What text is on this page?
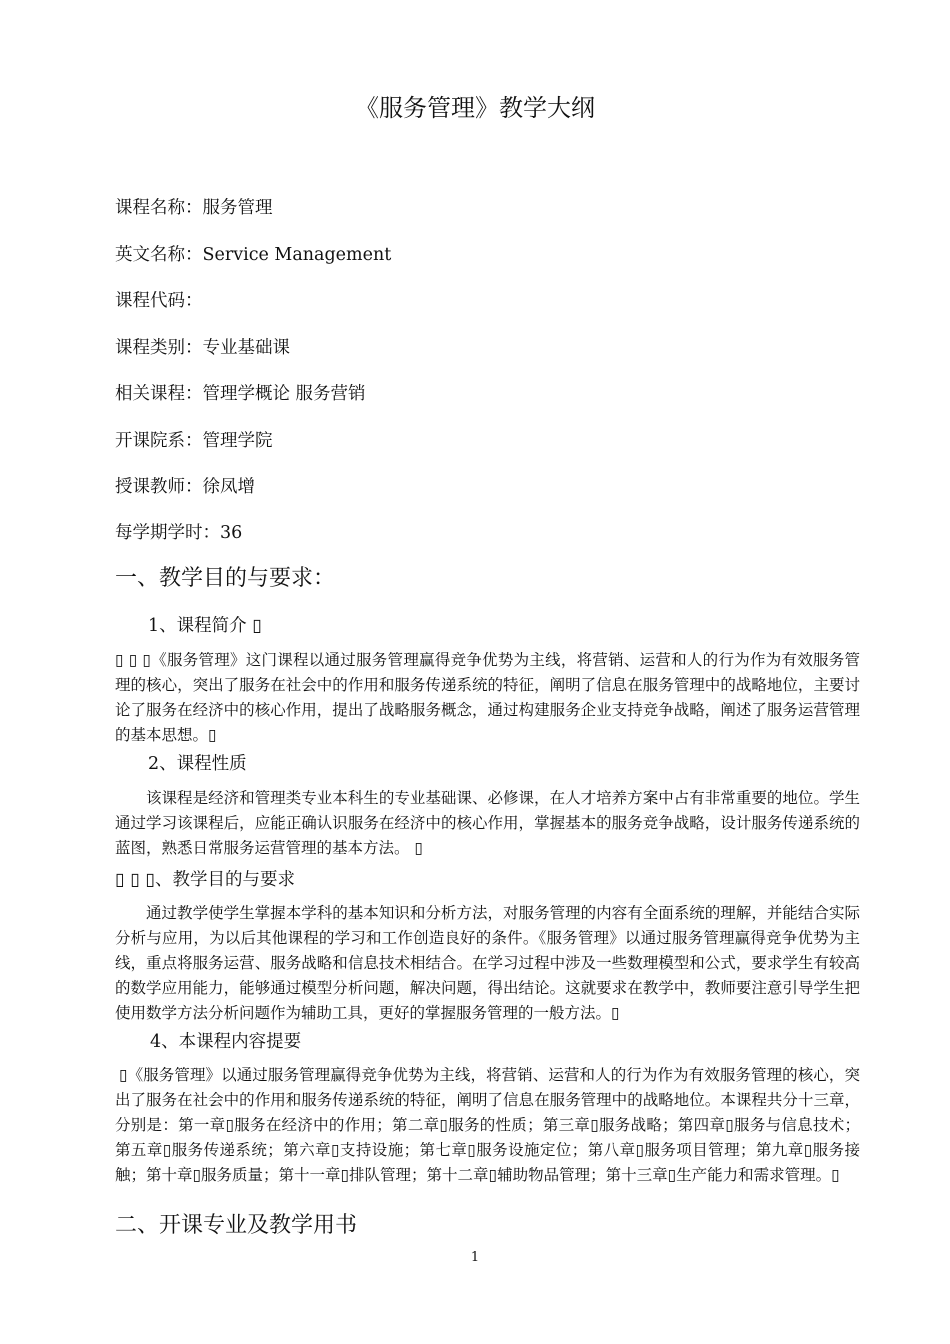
《服务管理》教学大纲
课程名称：服务管理
英文名称：Service Management
课程代码：
课程类别：专业基础课
相关课程：管理学概论 服务营销
开课院系：管理学院
授课教师：徐凤增
每学期学时：36
一、教学目的与要求：
1、课程简介 ▯
▯ ▯ ▯《服务管理》这门课程以通过服务管理赢得竞争优势为主线，将营销、运营和人的行为作为有效服务管理的核心，突出了服务在社会中的作用和服务传递系统的特征，阐明了信息在服务管理中的战略地位，主要讨论了服务在经济中的核心作用，提出了战略服务概念，通过构建服务企业支持竞争战略，阐述了服务运营管理的基本思想。▯
2、课程性质
该课程是经济和管理类专业本科生的专业基础课、必修课，在人才培养方案中占有非常重要的地位。学生通过学习该课程后，应能正确认识服务在经济中的核心作用，掌握基本的服务竞争战略，设计服务传递系统的蓝图，熟悉日常服务运营管理的基本方法。 ▯
▯ ▯ ▯、教学目的与要求
通过教学使学生掌握本学科的基本知识和分析方法，对服务管理的内容有全面系统的理解，并能结合实际分析与应用，为以后其他课程的学习和工作创造良好的条件。《服务管理》以通过服务管理赢得竞争优势为主线，重点将服务运营、服务战略和信息技术相结合。在学习过程中涉及一些数理模型和公式，要求学生有较高的数学应用能力，能够通过模型分析问题，解决问题，得出结论。这就要求在教学中，教师要注意引导学生把使用数学方法分析问题作为辅助工具，更好的掌握服务管理的一般方法。▯
4、本课程内容提要
▯《服务管理》以通过服务管理赢得竞争优势为主线，将营销、运营和人的行为作为有效服务管理的核心，突出了服务在社会中的作用和服务传递系统的特征，阐明了信息在服务管理中的战略地位。本课程共分十三章，分别是：第一章▯服务在经济中的作用；第二章▯服务的性质；第三章▯服务战略；第四章▯服务与信息技术；第五章▯服务传递系统；第六章▯支持设施；第七章▯服务设施定位；第八章▯服务项目管理；第九章▯服务接触；第十章▯服务质量；第十一章▯排队管理；第十二章▯辅助物品管理；第十三章▯生产能力和需求管理。▯
二、开课专业及教学用书
1
